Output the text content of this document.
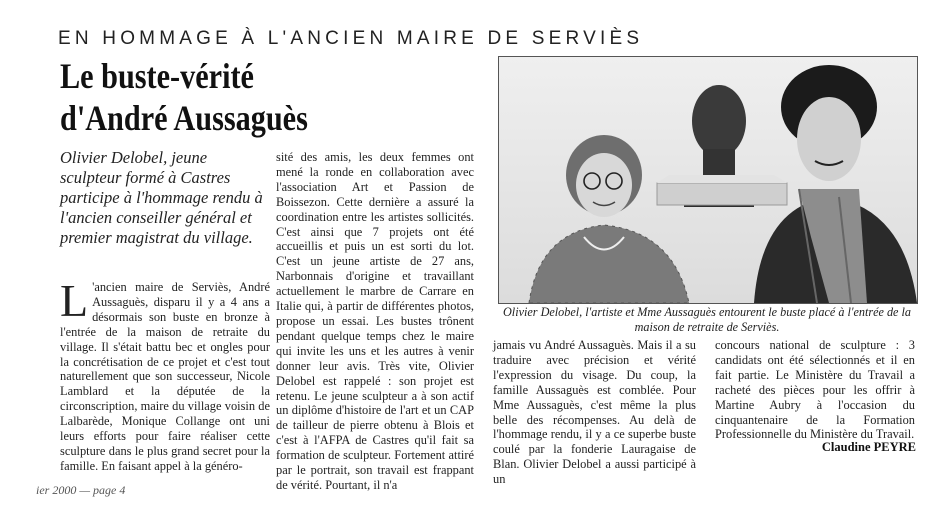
EN HOMMAGE À L'ANCIEN MAIRE DE SERVIÈS
Le buste-vérité
d'André Aussaguès

Olivier Delobel, jeune sculpteur formé à Castres participe à l'hommage rendu à l'ancien conseiller général et premier magistrat du village.

L 'ancien maire de Serviès, André Aussaguès, disparu il y a 4 ans a désormais son buste en bronze à l'entrée de la maison de retraite du village. Il s'était battu bec et ongles pour la concrétisation de ce projet et c'est tout naturellement que son successeur, Nicole Lamblard et la députée de la circonscription, maire du village voisin de Lalbarède, Monique Collange ont uni leurs efforts pour faire réaliser cette sculpture dans le plus grand secret pour la famille. En faisant appel à la généro-

sité des amis, les deux femmes ont mené la ronde en collaboration avec l'association Art et Passion de Boissezon. Cette dernière a assuré la coordination entre les artistes sollicités. C'est ainsi que 7 projets ont été accueillis et puis un est sorti du lot. C'est un jeune artiste de 27 ans, Narbonnais d'origine et travaillant actuellement le marbre de Carrare en Italie qui, à partir de différentes photos, propose un essai. Les bustes trônent pendant quelque temps chez le maire qui invite les uns et les autres à venir donner leur avis. Très vite, Olivier Delobel est rappelé : son projet est retenu. Le jeune sculpteur a à son actif un diplôme d'histoire de l'art et un CAP de tailleur de pierre obtenu à Blois et c'est à l'AFPA de Castres qu'il fait sa formation de sculpteur. Fortement attiré par le portrait, son travail est frappant de vérité. Pourtant, il n'a

Olivier Delobel, l'artiste et Mme Aussaguès entourent le buste placé à l'entrée de la maison de retraite de Serviès.

jamais vu André Aussaguès. Mais il a su traduire avec précision et vérité l'expression du visage. Du coup, la famille Aussaguès est comblée. Pour Mme Aussaguès, c'est même la plus belle des récompenses. Au delà de l'hommage rendu, il y a ce superbe buste coulé par la fonderie Lauragaise de Blan. Olivier Delobel a aussi participé à un

concours national de sculpture : 3 candidats ont été sélectionnés et il en fait partie. Le Ministère du Travail a racheté des pièces pour les offrir à Martine Aubry à l'occasion du cinquantenaire de la Formation Professionnelle du Ministère du Travail.

Claudine PEYRE
ier 2000 — page 4
